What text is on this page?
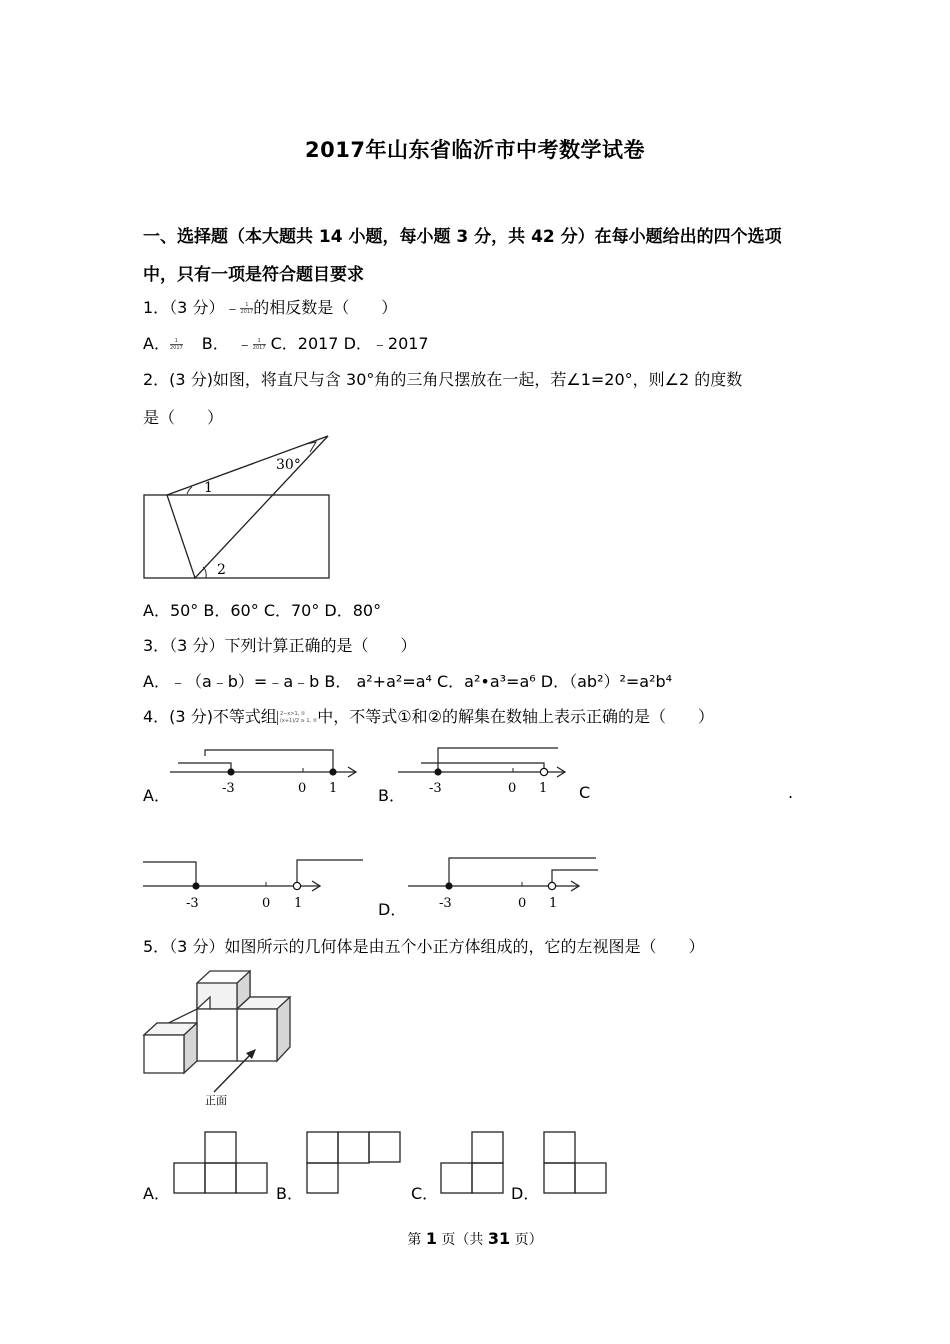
2017年山东省临沂市中考数学试卷
一、选择题（本大题共 14 小题，每小题 3 分，共 42 分）在每小题给出的四个选项
中，只有一项是符合题目要求
1．（3 分）﹣ $\frac{1}{2017}$的相反数是（　　）
A． $\frac{1}{2017}$ B．　﹣ $\frac{1}{2017}$ C．2017 D．﹣2017
2．(3 分)如图，将直尺与含 30°角的三角尺摆放在一起，若∠1=20°，则∠2 的度数
是（　　）
30°
1
2
A．50° B．60° C．70° D．80°
3．（3 分）下列计算正确的是（　　）
A．﹣（a﹣b）=﹣a﹣b B． a²+a²=a⁴ C．a²•a³=a⁶ D．（ab²）²=a²b⁴
4．(3 分)不等式组 2−x>1, ①
(x+1)/2 ≥ 1, ② 中，不等式①和②的解集在数轴上表示正确的是（　　）
A．	-3	0 1	B． -3	0 1 C	.
-3	0 1	-3	0 1
D．
5．（3 分）如图所示的几何体是由五个小正方体组成的，它的左视图是（　　）
正面
A．	B．	C．	D．
第 1 页（共 31 页）
